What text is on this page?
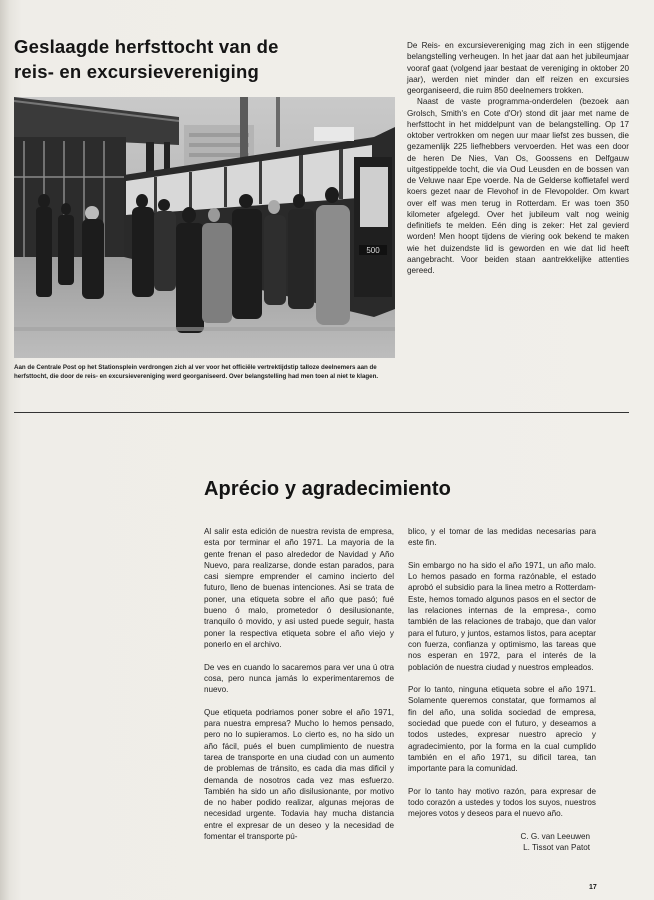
Geslaagde herfsttocht van de
reis- en excursievereniging
500
Aan de Centrale Post op het Stationsplein verdrongen zich al ver voor het officiële vertrektijdstip talloze deelnemers aan de herfsttocht, die door de reis- en excursievereniging werd georganiseerd. Over belangstelling had men toen al niet te klagen.

De Reis- en excursievereniging mag zich in een stijgende belangstelling verheugen. In het jaar dat aan het jubileumjaar vooraf gaat (volgend jaar bestaat de vereniging in oktober 20 jaar), werden niet minder dan elf reizen en excursies georganiseerd, die ruim 850 deelnemers trokken.

Naast de vaste programma-onderdelen (bezoek aan Grolsch, Smith's en Cote d'Or) stond dit jaar met name de herfsttocht in het middelpunt van de belangstelling. Op 17 oktober vertrokken om negen uur maar liefst zes bussen, die gezamenlijk 225 liefhebbers vervoerden. Het was een door de heren De Nies, Van Os, Goossens en Delfgauw uitgestippelde tocht, die via Oud Leusden en de bossen van de Veluwe naar Epe voerde. Na de Gelderse koffietafel werd koers gezet naar de Flevohof in de Flevopolder. Om kwart over elf was men terug in Rotterdam. Er was toen 350 kilometer afgelegd. Over het jubileum valt nog weinig definitiefs te melden. Eén ding is zeker: Het zal gevierd worden! Men hoopt tijdens de viering ook bekend te maken wie het duizendste lid is geworden en wie dat lid heeft aangebracht. Voor beiden staan aantrekkelijke attenties gereed.

Aprécio y agradecimiento

Al salir esta edición de nuestra revista de empresa, esta por terminar el año 1971. La mayoria de la gente frenan el paso alrededor de Navidad y Año Nuevo, para realizarse, donde estan parados, para casi siempre emprender el camino incierto del futuro, lleno de buenas intenciones. Asi se trata de poner, una etiqueta sobre el año que pasó; fué bueno ó malo, prometedor ó desilusionante, tranquilo ó movido, y asi usted puede seguir, hasta poner la respectiva etiqueta sobre el año viejo y ponerlo en el archivo.

De ves en cuando lo sacaremos para ver una ú otra cosa, pero nunca jamás lo experimentaremos de nuevo.

Que etiqueta podriamos poner sobre el año 1971, para nuestra empresa? Mucho lo hemos pensado, pero no lo supieramos. Lo cierto es, no ha sido un año fácil, pués el buen cumplimiento de nuestra tarea de transporte en una ciudad con un aumento de problemas de tránsito, es cada dia mas dificil y demanda de nosotros cada vez mas esfuerzo. También ha sido un año disilusionante, por motivo de no haber podido realizar, algunas mejoras de necesidad urgente. Todavia hay mucha distancia entre el expresar de un deseo y la necesidad de fomentar el transporte pú-

blico, y el tomar de las medidas necesarias para este fin.

Sin embargo no ha sido el año 1971, un año malo. Lo hemos pasado en forma razónable, el estado aprobó el subsidio para la linea metro a Rotterdam-Este, hemos tomado algunos pasos en el sector de las relaciones internas de la empresa-, como también de las relaciones de trabajo, que dan valor para el futuro, y juntos, estamos listos, para aceptar con fuerza, confianza y optimismo, las tareas que nos esperan en 1972, para el interés de la población de nuestra ciudad y nuestros empleados.

Por lo tanto, ninguna etiqueta sobre el año 1971. Solamente queremos constatar, que formamos al fin del año, una solida sociedad de empresa, sociedad que puede con el futuro, y deseamos a todos ustedes, expresar nuestro aprecio y agradecimiento, por la forma en la cual cumplido también en el año 1971, su dificil tarea, tan importante para la comunidad.

Por lo tanto hay motivo razón, para expresar de todo corazón a ustedes y todos los suyos, nuestros mejores votos y deseos para el nuevo año.

C. G. van Leeuwen

L. Tissot van Patot

17
